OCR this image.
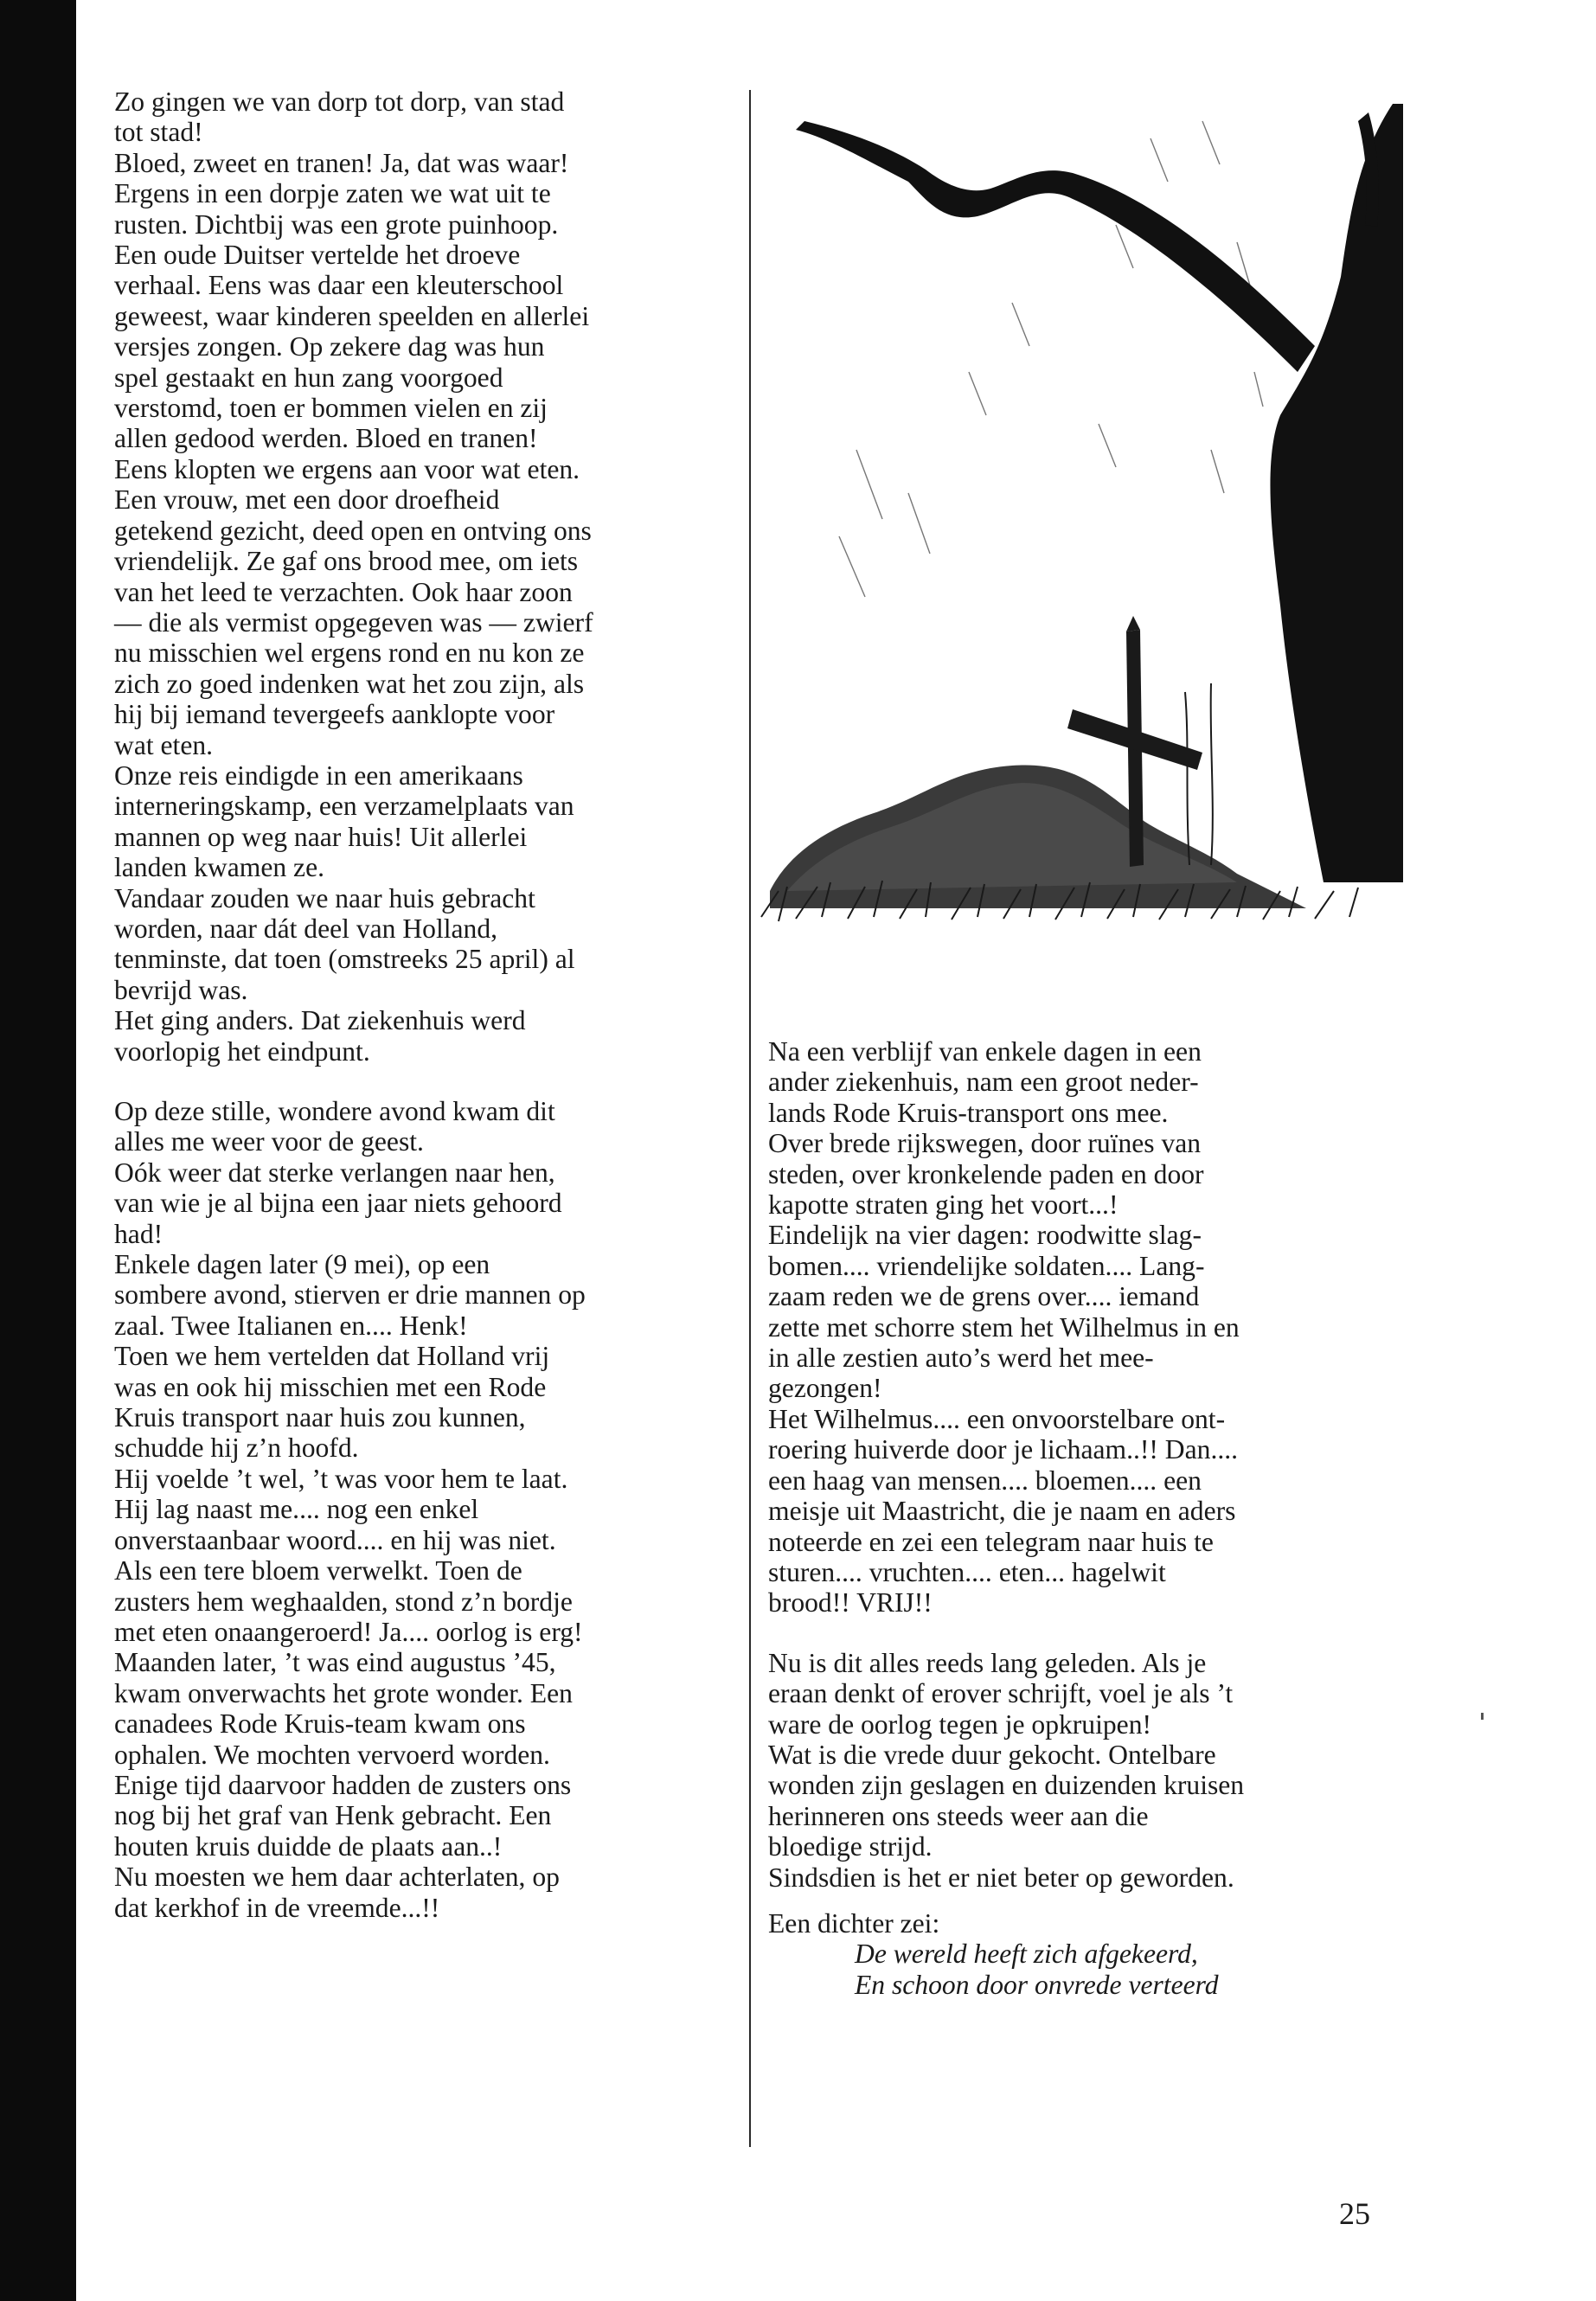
Zo gingen we van dorp tot dorp, van stad
tot stad!
Bloed, zweet en tranen! Ja, dat was waar!
Ergens in een dorpje zaten we wat uit te
rusten. Dichtbij was een grote puinhoop.
Een oude Duitser vertelde het droeve
verhaal. Eens was daar een kleuterschool
geweest, waar kinderen speelden en allerlei
versjes zongen. Op zekere dag was hun
spel gestaakt en hun zang voorgoed
verstomd, toen er bommen vielen en zij
allen gedood werden. Bloed en tranen!
Eens klopten we ergens aan voor wat eten.
Een vrouw, met een door droefheid
getekend gezicht, deed open en ontving ons
vriendelijk. Ze gaf ons brood mee, om iets
van het leed te verzachten. Ook haar zoon
— die als vermist opgegeven was — zwierf
nu misschien wel ergens rond en nu kon ze
zich zo goed indenken wat het zou zijn, als
hij bij iemand tevergeefs aanklopte voor
wat eten.
Onze reis eindigde in een amerikaans
interneringskamp, een verzamelplaats van
mannen op weg naar huis! Uit allerlei
landen kwamen ze.
Vandaar zouden we naar huis gebracht
worden, naar dát deel van Holland,
tenminste, dat toen (omstreeks 25 april) al
bevrijd was.
Het ging anders. Dat ziekenhuis werd
voorlopig het eindpunt.

Op deze stille, wondere avond kwam dit
alles me weer voor de geest.
Oók weer dat sterke verlangen naar hen,
van wie je al bijna een jaar niets gehoord
had!
Enkele dagen later (9 mei), op een
sombere avond, stierven er drie mannen op
zaal. Twee Italianen en.... Henk!
Toen we hem vertelden dat Holland vrij
was en ook hij misschien met een Rode
Kruis transport naar huis zou kunnen,
schudde hij z’n hoofd.
Hij voelde ’t wel, ’t was voor hem te laat.
Hij lag naast me.... nog een enkel
onverstaanbaar woord.... en hij was niet.
Als een tere bloem verwelkt. Toen de
zusters hem weghaalden, stond z’n bordje
met eten onaangeroerd! Ja.... oorlog is erg!
Maanden later, ’t was eind augustus ’45,
kwam onverwachts het grote wonder. Een
canadees Rode Kruis-team kwam ons
ophalen. We mochten vervoerd worden.
Enige tijd daarvoor hadden de zusters ons
nog bij het graf van Henk gebracht. Een
houten kruis duidde de plaats aan..!
Nu moesten we hem daar achterlaten, op
dat kerkhof in de vreemde...!!

Na een verblijf van enkele dagen in een
ander ziekenhuis, nam een groot neder-
lands Rode Kruis-transport ons mee.
Over brede rijkswegen, door ruïnes van
steden, over kronkelende paden en door
kapotte straten ging het voort...!
Eindelijk na vier dagen: roodwitte slag-
bomen.... vriendelijke soldaten.... Lang-
zaam reden we de grens over.... iemand
zette met schorre stem het Wilhelmus in en
in alle zestien auto’s werd het mee-
gezongen!
Het Wilhelmus.... een onvoorstelbare ont-
roering huiverde door je lichaam..!! Dan....
een haag van mensen.... bloemen.... een
meisje uit Maastricht, die je naam en aders
noteerde en zei een telegram naar huis te
sturen.... vruchten.... eten... hagelwit
brood!! VRIJ!!

Nu is dit alles reeds lang geleden. Als je
eraan denkt of erover schrijft, voel je als ’t
ware de oorlog tegen je opkruipen!
Wat is die vrede duur gekocht. Ontelbare
wonden zijn geslagen en duizenden kruisen
herinneren ons steeds weer aan die
bloedige strijd.
Sindsdien is het er niet beter op geworden.

Een dichter zei:

De wereld heeft zich afgekeerd,

En schoon door onvrede verteerd

25
